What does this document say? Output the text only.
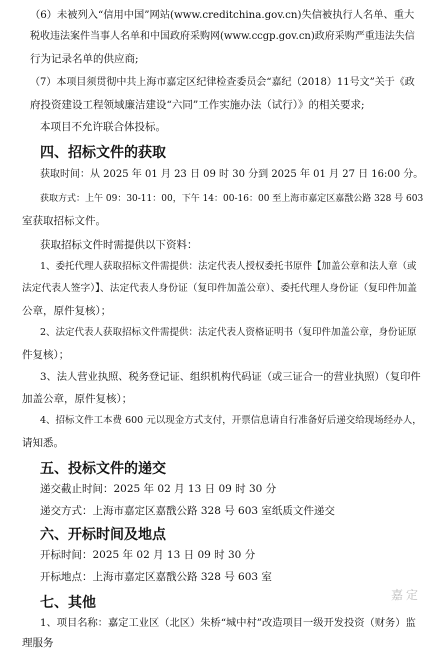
（6）未被列入“信用中国”网站(www.creditchina.gov.cn)失信被执行人名单、重大
税收违法案件当事人名单和中国政府采购网(www.ccgp.gov.cn)政府采购严重违法失信
行为记录名单的供应商;
（7）本项目须贯彻中共上海市嘉定区纪律检查委员会“嘉纪（2018）11号文”关于《政
府投资建设工程领域廉洁建设“六同”工作实施办法（试行）》的相关要求;
本项目不允许联合体投标。
四、招标文件的获取
获取时间：从 2025 年 01 月 23 日 09 时 30 分到 2025 年 01 月 27 日 16:00 分。
获取方式：上午 09：30-11：00，下午 14：00-16：00 至上海市嘉定区嘉戬公路 328 号 603
室获取招标文件。
获取招标文件时需提供以下资料：
1、委托代理人获取招标文件需提供：法定代表人授权委托书原件【加盖公章和法人章（或
法定代表人签字）】、法定代表人身份证（复印件加盖公章）、委托代理人身份证（复印件加盖
公章，原件复核）；
2、法定代表人获取招标文件需提供：法定代表人资格证明书（复印件加盖公章，身份证原
件复核）；
3、法人营业执照、税务登记证、组织机构代码证（或三证合一的营业执照）（复印件
加盖公章，原件复核）；
4、招标文件工本费 600 元以现金方式支付，开票信息请自行准备好后递交给现场经办人，
请知悉。
五、投标文件的递交
递交截止时间：2025 年 02 月 13 日 09 时 30 分
递交方式：上海市嘉定区嘉戬公路 328 号 603 室纸质文件递交
六、开标时间及地点
开标时间：2025 年 02 月 13 日 09 时 30 分
开标地点：上海市嘉定区嘉戬公路 328 号 603 室
七、其他
1、项目名称：嘉定工业区（北区）朱桥“城中村”改造项目一级开发投资（财务）监
理服务
嘉定
